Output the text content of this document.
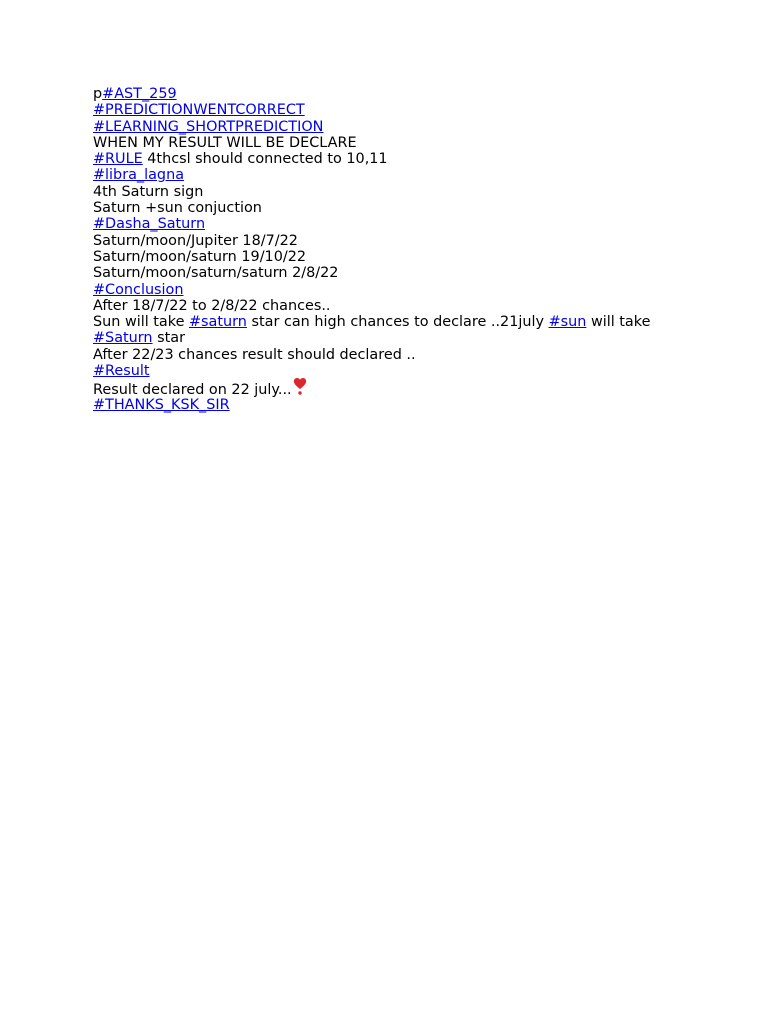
p#AST_259
#PREDICTIONWENTCORRECT
#LEARNING_SHORTPREDICTION
WHEN MY RESULT WILL BE DECLARE
#RULE 4thcsl should connected to 10,11
#libra_lagna
4th Saturn sign
Saturn +sun conjuction
#Dasha_Saturn
Saturn/moon/Jupiter 18/7/22
Saturn/moon/saturn 19/10/22
Saturn/moon/saturn/saturn 2/8/22
#Conclusion
After 18/7/22 to 2/8/22 chances..
Sun will take #saturn star can high chances to declare ..21july #sun will take
#Saturn star
After 22/23 chances result should declared ..
#Result
Result declared on 22 july...
#THANKS_KSK_SIR
